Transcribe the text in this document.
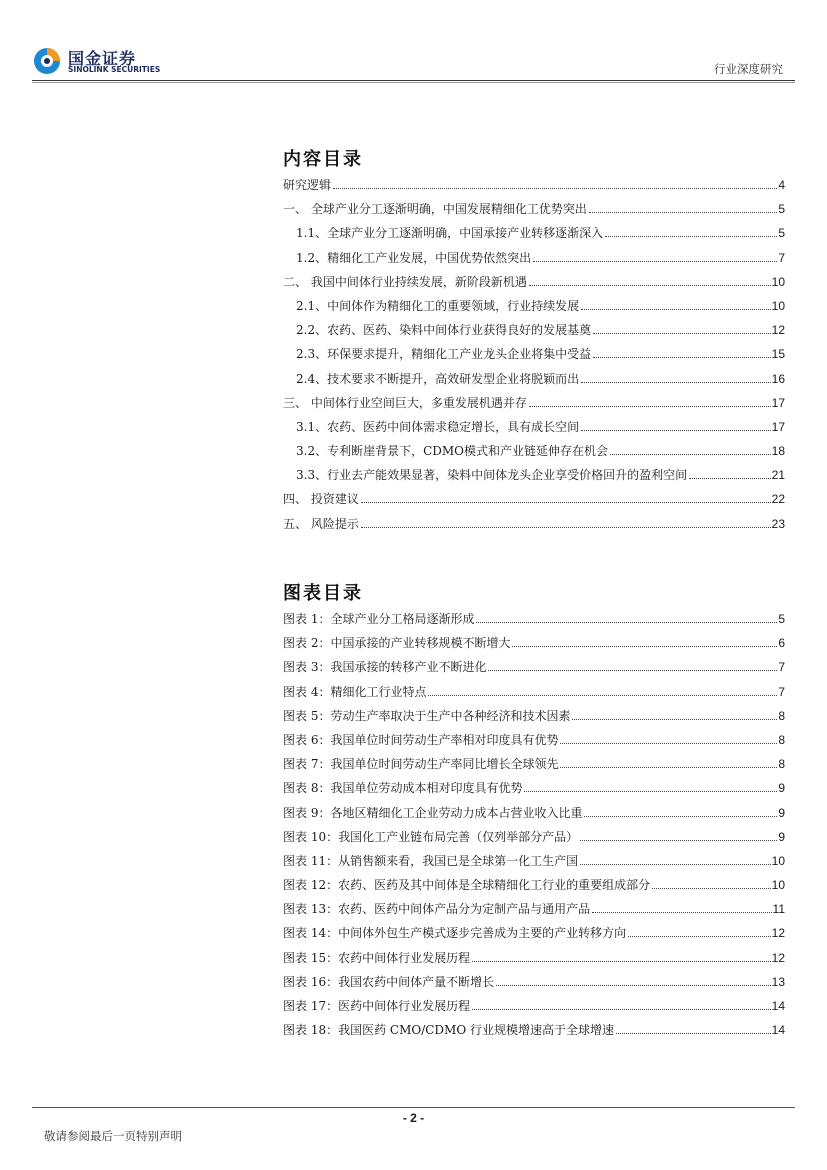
国金证券
SINOLINK SECURITIES	行业深度研究
内容目录
研究逻辑	4
一、 全球产业分工逐渐明确，中国发展精细化工优势突出	5
1.1、全球产业分工逐渐明确，中国承接产业转移逐渐深入	5
1.2、精细化工产业发展，中国优势依然突出	7
二、 我国中间体行业持续发展，新阶段新机遇	10
2.1、中间体作为精细化工的重要领域，行业持续发展	10
2.2、农药、医药、染料中间体行业获得良好的发展基奠	12
2.3、环保要求提升，精细化工产业龙头企业将集中受益	15
2.4、技术要求不断提升，高效研发型企业将脱颖而出	16
三、 中间体行业空间巨大，多重发展机遇并存	17
3.1、农药、医药中间体需求稳定增长，具有成长空间	17
3.2、专利断崖背景下，CDMO模式和产业链延伸存在机会	18
3.3、行业去产能效果显著，染料中间体龙头企业享受价格回升的盈利空间	21
四、 投资建议	22
五、 风险提示	23
图表目录
图表 1：全球产业分工格局逐渐形成	5
图表 2：中国承接的产业转移规模不断增大	6
图表 3：我国承接的转移产业不断进化	7
图表 4：精细化工行业特点	7
图表 5：劳动生产率取决于生产中各种经济和技术因素	8
图表 6：我国单位时间劳动生产率相对印度具有优势	8
图表 7：我国单位时间劳动生产率同比增长全球领先	8
图表 8：我国单位劳动成本相对印度具有优势	9
图表 9：各地区精细化工企业劳动力成本占营业收入比重	9
图表 10：我国化工产业链布局完善（仅列举部分产品）	9
图表 11：从销售额来看，我国已是全球第一化工生产国	10
图表 12：农药、医药及其中间体是全球精细化工行业的重要组成部分	10
图表 13：农药、医药中间体产品分为定制产品与通用产品	11
图表 14：中间体外包生产模式逐步完善成为主要的产业转移方向	12
图表 15：农药中间体行业发展历程	12
图表 16：我国农药中间体产量不断增长	13
图表 17：医药中间体行业发展历程	14
图表 18：我国医药 CMO/CDMO 行业规模增速高于全球增速	14
- 2 -
敬请参阅最后一页特别声明
